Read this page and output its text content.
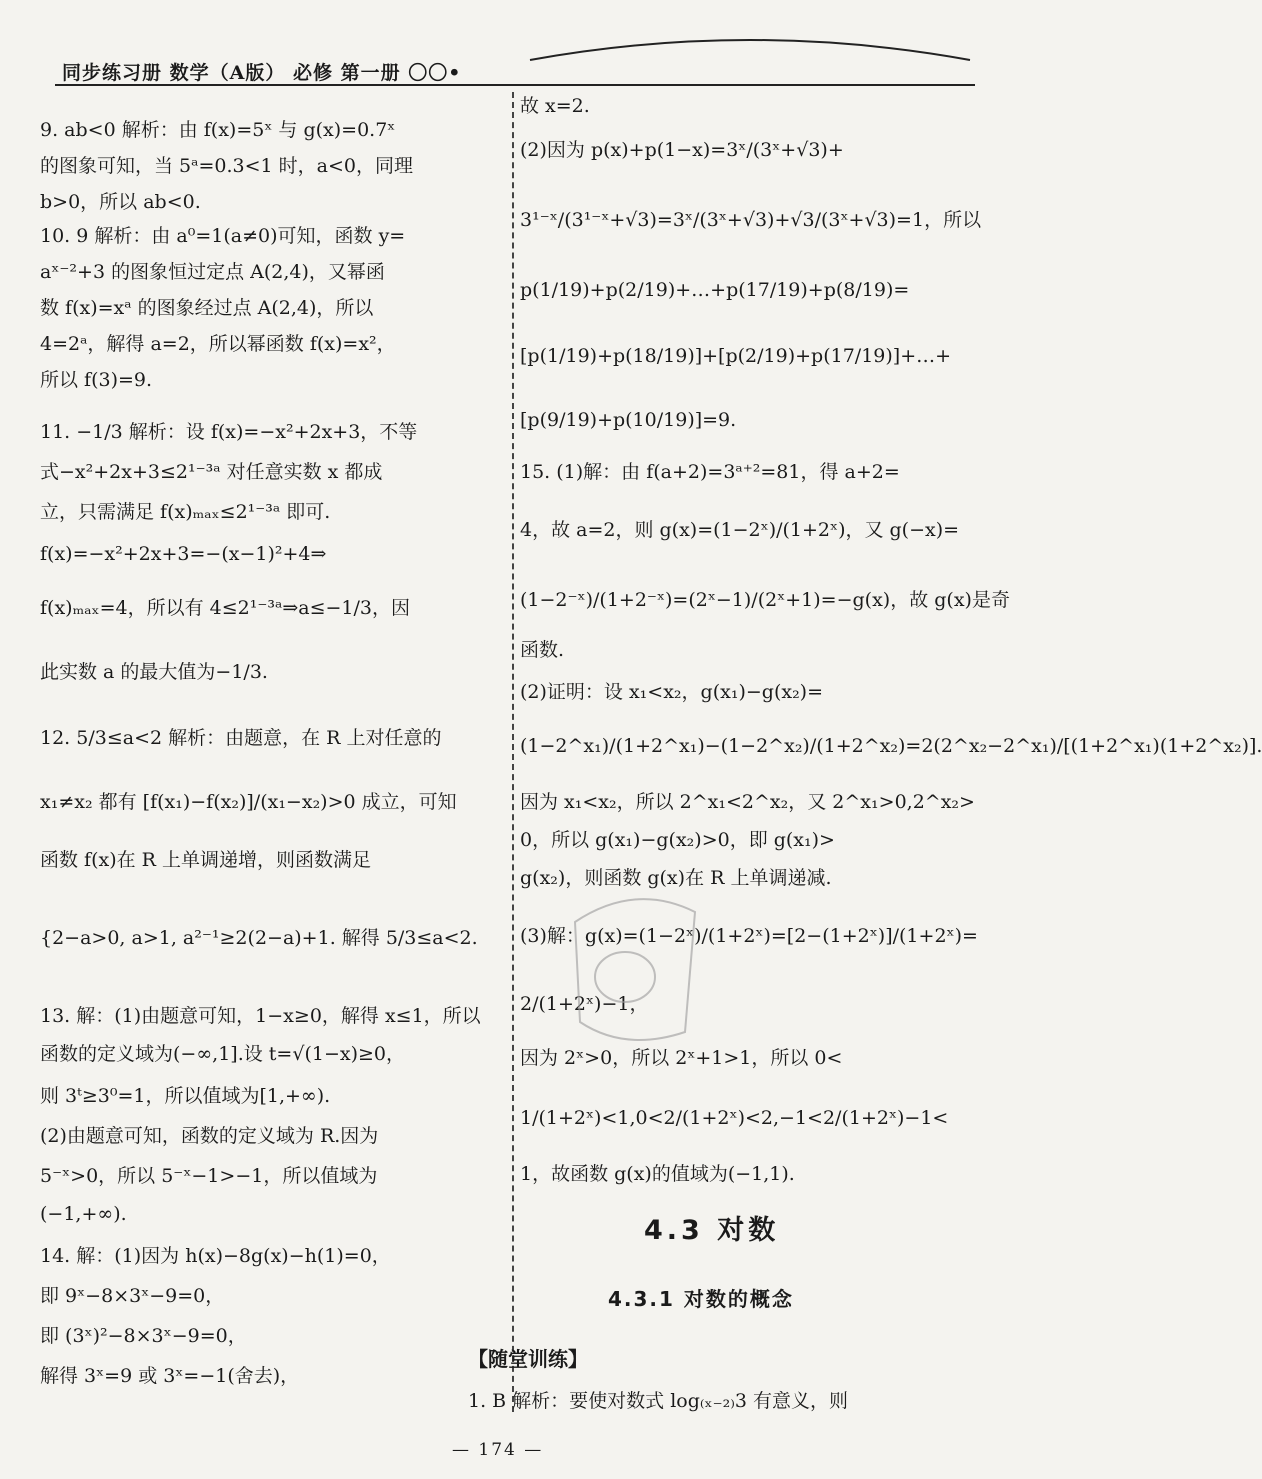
同步练习册 数学（A版） 必修 第一册 〇〇•
9. ab<0 解析：由 f(x)=5ˣ 与 g(x)=0.7ˣ
的图象可知，当 5ᵃ=0.3<1 时，a<0，同理
b>0，所以 ab<0.
10. 9 解析：由 a⁰=1(a≠0)可知，函数 y=
aˣ⁻²+3 的图象恒过定点 A(2,4)，又幂函
数 f(x)=xᵃ 的图象经过点 A(2,4)，所以
4=2ᵃ，解得 a=2，所以幂函数 f(x)=x²，
所以 f(3)=9.
11. −1/3 解析：设 f(x)=−x²+2x+3，不等
式−x²+2x+3≤2¹⁻³ᵃ 对任意实数 x 都成
立，只需满足 f(x)ₘₐₓ≤2¹⁻³ᵃ 即可.
f(x)=−x²+2x+3=−(x−1)²+4⇒
f(x)ₘₐₓ=4，所以有 4≤2¹⁻³ᵃ⇒a≤−1/3，因
此实数 a 的最大值为−1/3.
12. 5/3≤a<2 解析：由题意，在 R 上对任意的
x₁≠x₂ 都有 [f(x₁)−f(x₂)]/(x₁−x₂)>0 成立，可知
函数 f(x)在 R 上单调递增，则函数满足
{2−a>0, a>1, a²⁻¹≥2(2−a)+1. 解得 5/3≤a<2.
13. 解：(1)由题意可知，1−x≥0，解得 x≤1，所以
函数的定义域为(−∞,1].设 t=√(1−x)≥0，
则 3ᵗ≥3⁰=1，所以值域为[1,+∞).
(2)由题意可知，函数的定义域为 R.因为
5⁻ˣ>0，所以 5⁻ˣ−1>−1，所以值域为
(−1,+∞).
14. 解：(1)因为 h(x)−8g(x)−h(1)=0，
即 9ˣ−8×3ˣ−9=0，
即 (3ˣ)²−8×3ˣ−9=0，
解得 3ˣ=9 或 3ˣ=−1(舍去)，
故 x=2.
(2)因为 p(x)+p(1−x)=3ˣ/(3ˣ+√3)+
3¹⁻ˣ/(3¹⁻ˣ+√3)=3ˣ/(3ˣ+√3)+√3/(3ˣ+√3)=1，所以
p(1/19)+p(2/19)+…+p(17/19)+p(8/19)=
[p(1/19)+p(18/19)]+[p(2/19)+p(17/19)]+…+
[p(9/19)+p(10/19)]=9.
15. (1)解：由 f(a+2)=3ᵃ⁺²=81，得 a+2=
4，故 a=2，则 g(x)=(1−2ˣ)/(1+2ˣ)，又 g(−x)=
(1−2⁻ˣ)/(1+2⁻ˣ)=(2ˣ−1)/(2ˣ+1)=−g(x)，故 g(x)是奇
函数.
(2)证明：设 x₁<x₂，g(x₁)−g(x₂)=
(1−2^x₁)/(1+2^x₁)−(1−2^x₂)/(1+2^x₂)=2(2^x₂−2^x₁)/[(1+2^x₁)(1+2^x₂)].
因为 x₁<x₂，所以 2^x₁<2^x₂，又 2^x₁>0,2^x₂>
0，所以 g(x₁)−g(x₂)>0，即 g(x₁)>
g(x₂)，则函数 g(x)在 R 上单调递减.
(3)解：g(x)=(1−2ˣ)/(1+2ˣ)=[2−(1+2ˣ)]/(1+2ˣ)=
2/(1+2ˣ)−1，
因为 2ˣ>0，所以 2ˣ+1>1，所以 0<
1/(1+2ˣ)<1,0<2/(1+2ˣ)<2,−1<2/(1+2ˣ)−1<
1，故函数 g(x)的值域为(−1,1).
4.3 对数
4.3.1 对数的概念
【随堂训练】
1. B 解析：要使对数式 log₍ₓ₋₂₎3 有意义，则
— 174 —
